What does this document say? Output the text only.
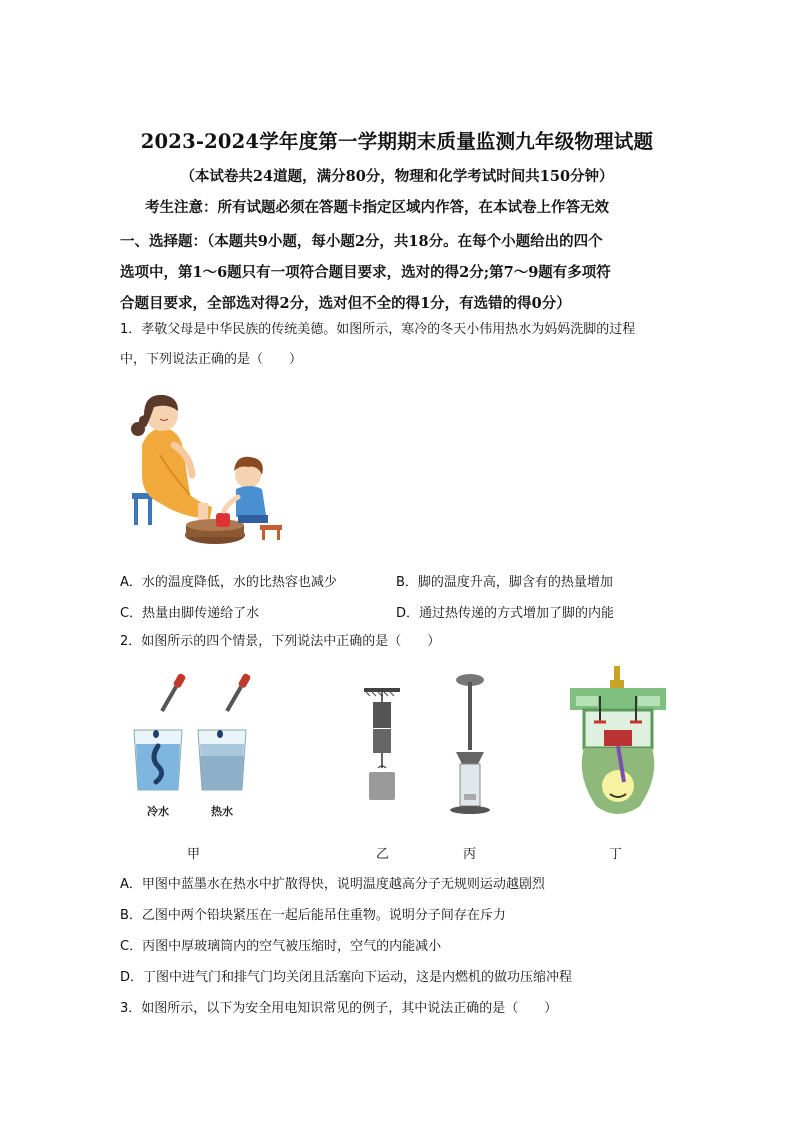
2023-2024学年度第一学期期末质量监测九年级物理试题
（本试卷共24道题，满分80分，物理和化学考试时间共150分钟）
考生注意：所有试题必须在答题卡指定区域内作答，在本试卷上作答无效
一、选择题：（本题共9小题，每小题2分，共18分。在每个小题给出的四个
选项中，第1～6题只有一项符合题目要求，选对的得2分;第7～9题有多项符
合题目要求，全部选对得2分，选对但不全的得1分，有选错的得0分）
1．孝敬父母是中华民族的传统美德。如图所示，寒冷的冬天小伟用热水为妈妈洗脚的过程
中，下列说法正确的是（　　）
A．水的温度降低，水的比热容也减少	B．脚的温度升高，脚含有的热量增加
C．热量由脚传递给了水	D．通过热传递的方式增加了脚的内能
2．如图所示的四个情景，下列说法中正确的是（　　）
冷水	热水
甲	乙	丙	丁
A．甲图中蓝墨水在热水中扩散得快，说明温度越高分子无规则运动越剧烈
B．乙图中两个铅块紧压在一起后能吊住重物。说明分子间存在斥力
C．丙图中厚玻璃筒内的空气被压缩时，空气的内能减小
D．丁图中进气门和排气门均关闭且活塞向下运动，这是内燃机的做功压缩冲程
3．如图所示，以下为安全用电知识常见的例子，其中说法正确的是（　　）
